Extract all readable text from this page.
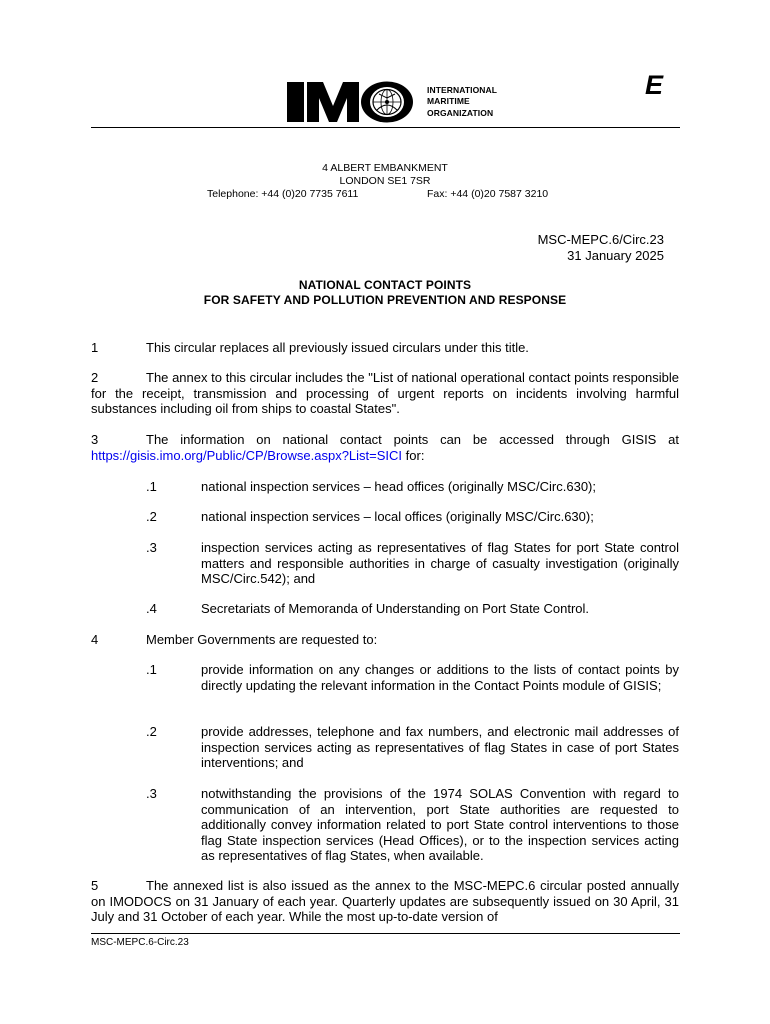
INTERNATIONAL
MARITIME
ORGANIZATION
E
4 ALBERT EMBANKMENT
LONDON SE1 7SR
Telephone: +44 (0)20 7735 7611	Fax: +44 (0)20 7587 3210
MSC-MEPC.6/Circ.23
31 January 2025
NATIONAL CONTACT POINTS
FOR SAFETY AND POLLUTION PREVENTION AND RESPONSE
1	This circular replaces all previously issued circulars under this title.
2	The annex to this circular includes the "List of national operational contact points responsible for the receipt, transmission and processing of urgent reports on incidents involving harmful substances including oil from ships to coastal States".
3	The information on national contact points can be accessed through GISIS at https://gisis.imo.org/Public/CP/Browse.aspx?List=SICI for:
.1	national inspection services – head offices (originally MSC/Circ.630);
.2	national inspection services – local offices (originally MSC/Circ.630);
.3	inspection services acting as representatives of flag States for port State control matters and responsible authorities in charge of casualty investigation (originally MSC/Circ.542); and
.4	Secretariats of Memoranda of Understanding on Port State Control.
4	Member Governments are requested to:
.1	provide information on any changes or additions to the lists of contact points by directly updating the relevant information in the Contact Points module of GISIS;
.2	provide addresses, telephone and fax numbers, and electronic mail addresses of inspection services acting as representatives of flag States in case of port States interventions; and
.3	notwithstanding the provisions of the 1974 SOLAS Convention with regard to communication of an intervention, port State authorities are requested to additionally convey information related to port State control interventions to those flag State inspection services (Head Offices), or to the inspection services acting as representatives of flag States, when available.
5	The annexed list is also issued as the annex to the MSC-MEPC.6 circular posted annually on IMODOCS on 31 January of each year. Quarterly updates are subsequently issued on 30 April, 31 July and 31 October of each year. While the most up-to-date version of
MSC-MEPC.6-Circ.23
